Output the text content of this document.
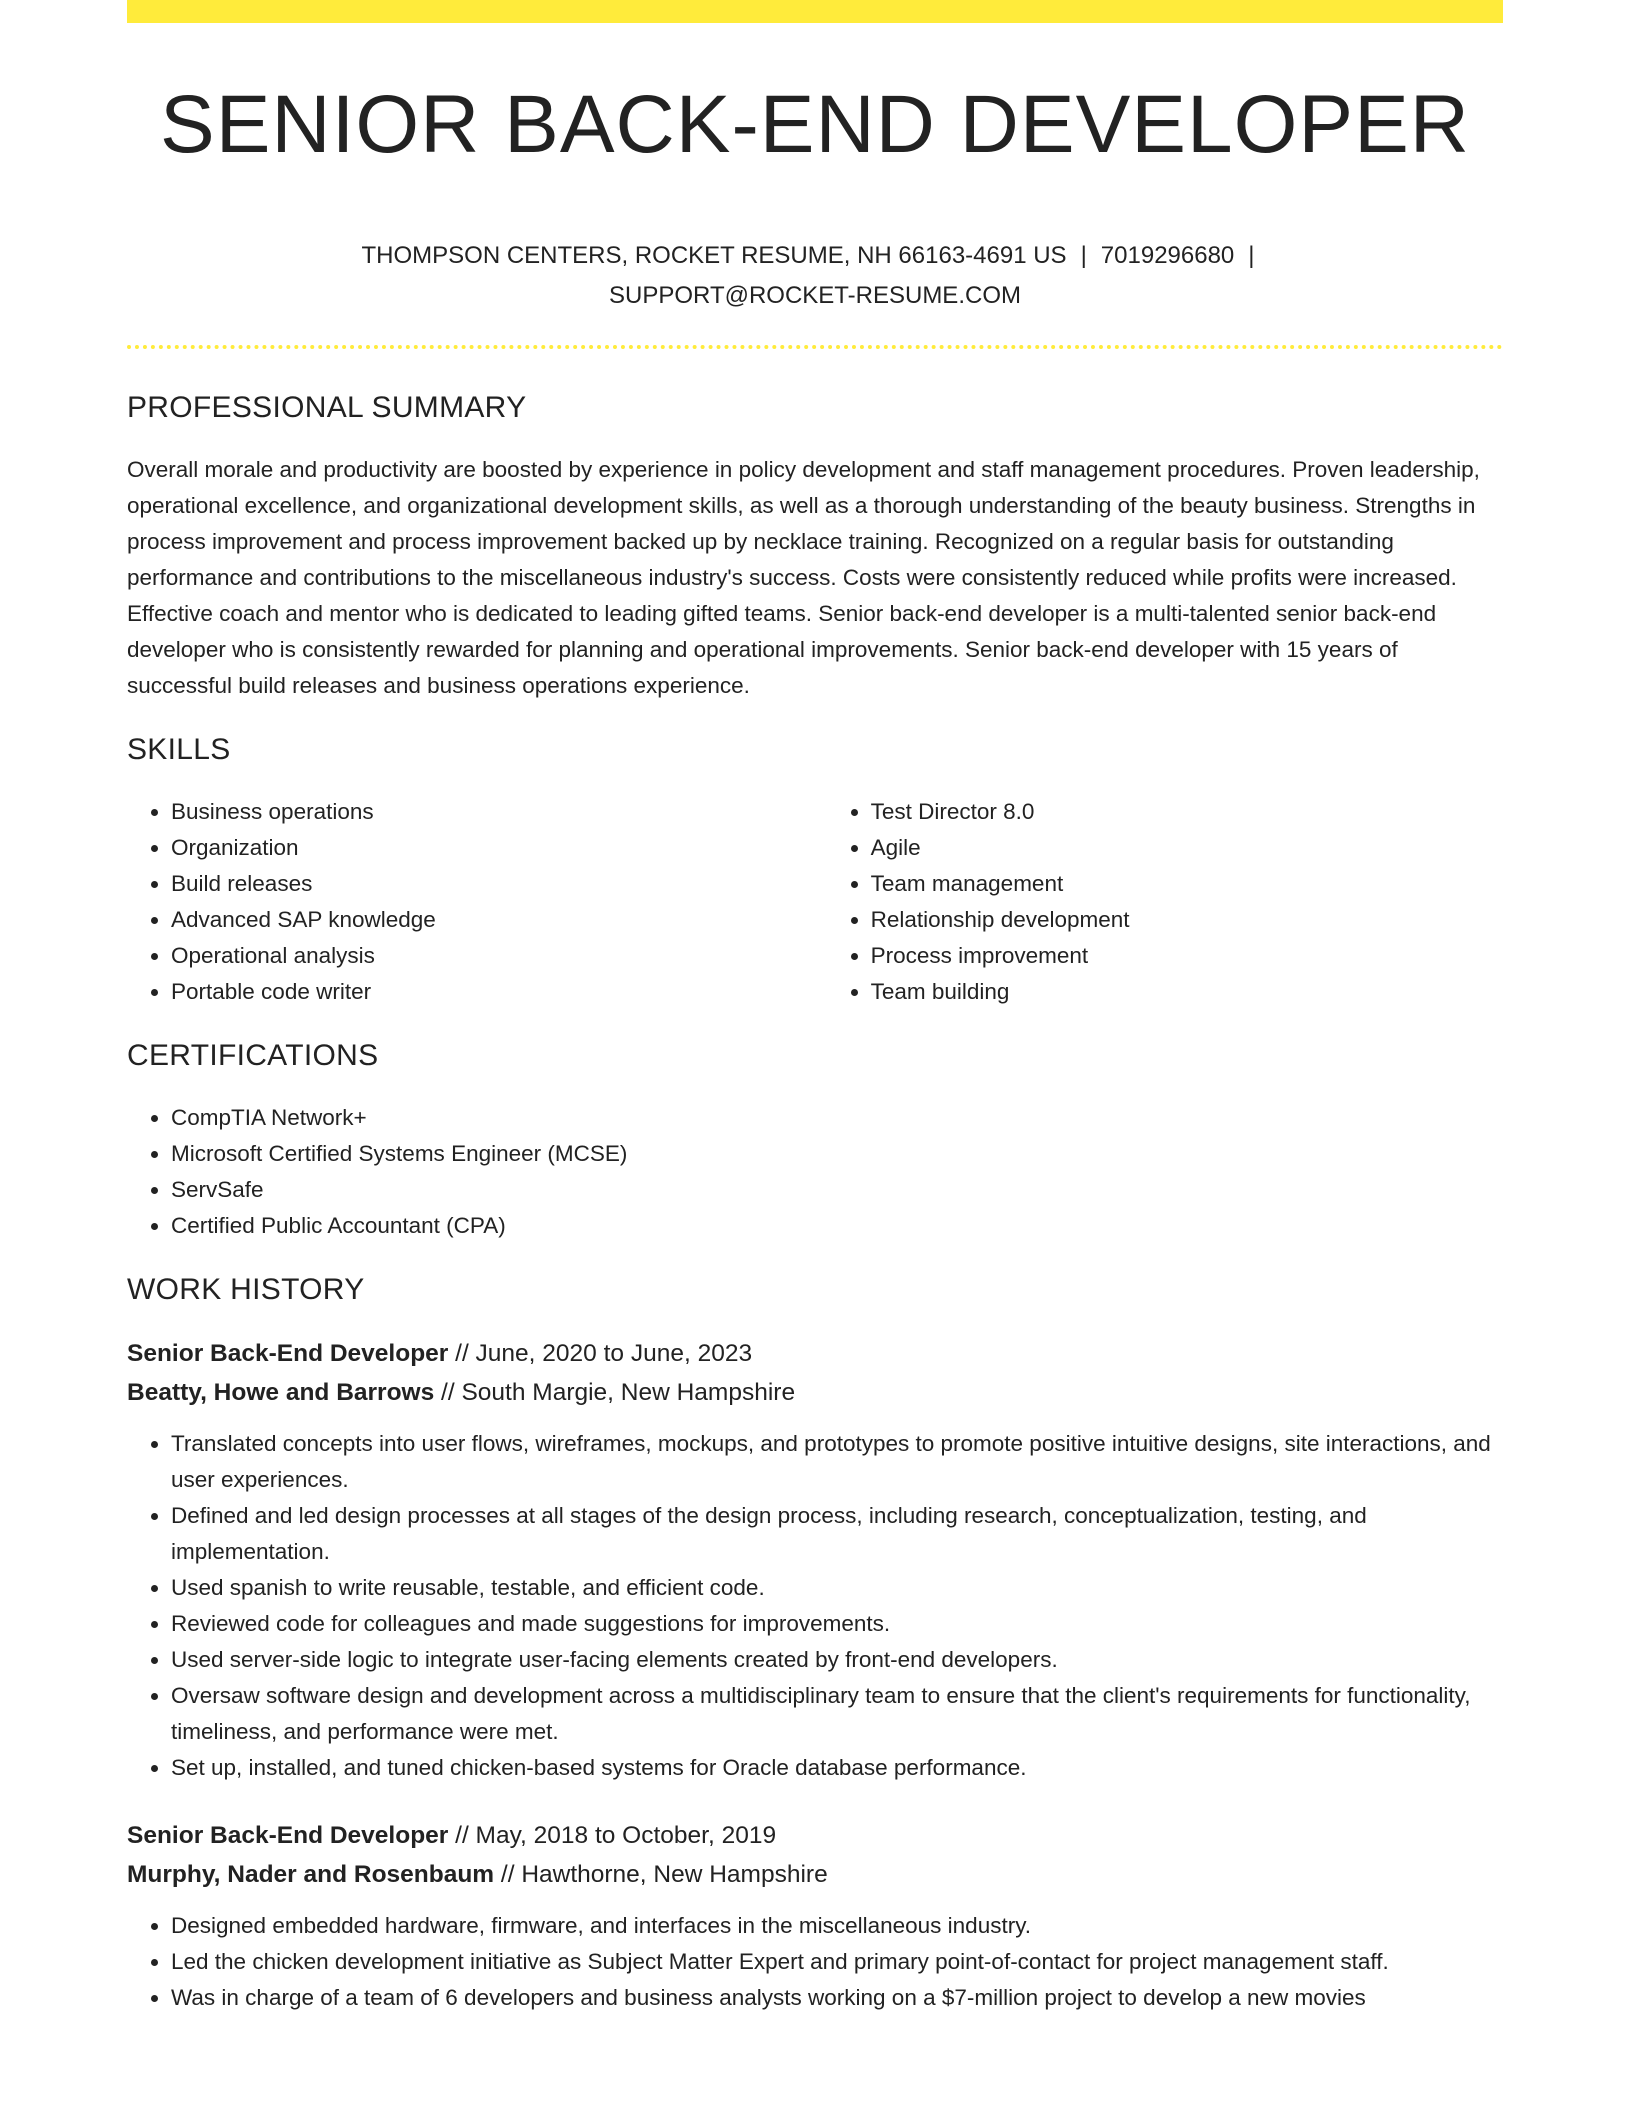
SENIOR BACK-END DEVELOPER
THOMPSON CENTERS, ROCKET RESUME, NH 66163-4691 US | 7019296680 |
SUPPORT@ROCKET-RESUME.COM
PROFESSIONAL SUMMARY

Overall morale and productivity are boosted by experience in policy development and staff management procedures. Proven leadership, operational excellence, and organizational development skills, as well as a thorough understanding of the beauty business. Strengths in process improvement and process improvement backed up by necklace training. Recognized on a regular basis for outstanding performance and contributions to the miscellaneous industry's success. Costs were consistently reduced while profits were increased. Effective coach and mentor who is dedicated to leading gifted teams. Senior back-end developer is a multi-talented senior back-end developer who is consistently rewarded for planning and operational improvements. Senior back-end developer with 15 years of successful build releases and business operations experience.

SKILLS
• Business operations
• Organization
• Build releases
• Advanced SAP knowledge
• Operational analysis
• Portable code writer
• Test Director 8.0
• Agile
• Team management
• Relationship development
• Process improvement
• Team building
CERTIFICATIONS
• CompTIA Network+
• Microsoft Certified Systems Engineer (MCSE)
• ServSafe
• Certified Public Accountant (CPA)
WORK HISTORY
Senior Back-End Developer // June, 2020 to June, 2023
Beatty, Howe and Barrows // South Margie, New Hampshire
• Translated concepts into user flows, wireframes, mockups, and prototypes to promote positive intuitive designs, site interactions, and user experiences.
• Defined and led design processes at all stages of the design process, including research, conceptualization, testing, and implementation.
• Used spanish to write reusable, testable, and efficient code.
• Reviewed code for colleagues and made suggestions for improvements.
• Used server-side logic to integrate user-facing elements created by front-end developers.
• Oversaw software design and development across a multidisciplinary team to ensure that the client's requirements for functionality, timeliness, and performance were met.
• Set up, installed, and tuned chicken-based systems for Oracle database performance.
Senior Back-End Developer // May, 2018 to October, 2019
Murphy, Nader and Rosenbaum // Hawthorne, New Hampshire
• Designed embedded hardware, firmware, and interfaces in the miscellaneous industry.
• Led the chicken development initiative as Subject Matter Expert and primary point-of-contact for project management staff.
• Was in charge of a team of 6 developers and business analysts working on a $7-million project to develop a new movies
